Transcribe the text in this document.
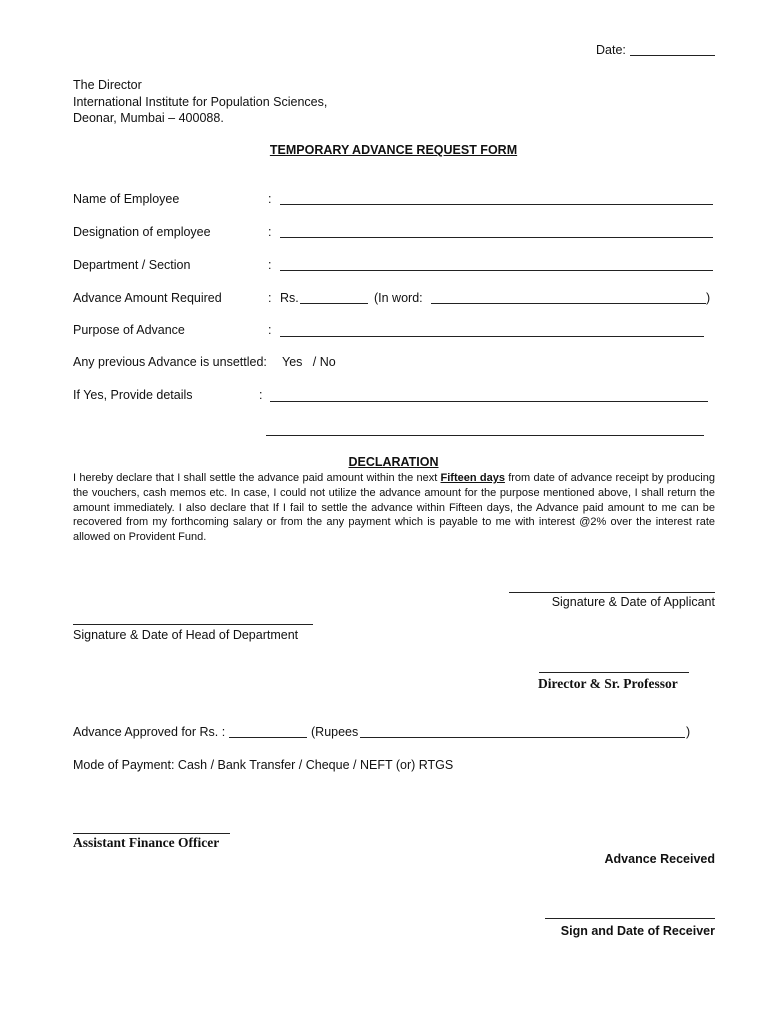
Date:
The Director
International Institute for Population Sciences,
Deonar, Mumbai – 400088.
TEMPORARY ADVANCE REQUEST FORM
Name of Employee	:
Designation of employee	:
Department / Section	:
Advance Amount Required	: Rs.	(In word:	)
Purpose of Advance	:
Any previous Advance is unsettled: Yes   / No
If Yes, Provide details	:
DECLARATION
I hereby declare that I shall settle the advance paid amount within the next Fifteen days from date of advance receipt by producing the vouchers, cash memos etc. In case, I could not utilize the advance amount for the purpose mentioned above, I shall return the amount immediately. I also declare that If I fail to settle the advance within Fifteen days, the Advance paid amount to me can be recovered from my forthcoming salary or from the any payment which is payable to me with interest @2% over the interest rate allowed on Provident Fund.
Signature & Date of Applicant
Signature & Date of Head of Department
Director & Sr. Professor
Advance Approved for Rs. :	(Rupees	)
Mode of Payment: Cash / Bank Transfer / Cheque / NEFT (or) RTGS
Assistant Finance Officer
Advance Received
Sign and Date of Receiver
